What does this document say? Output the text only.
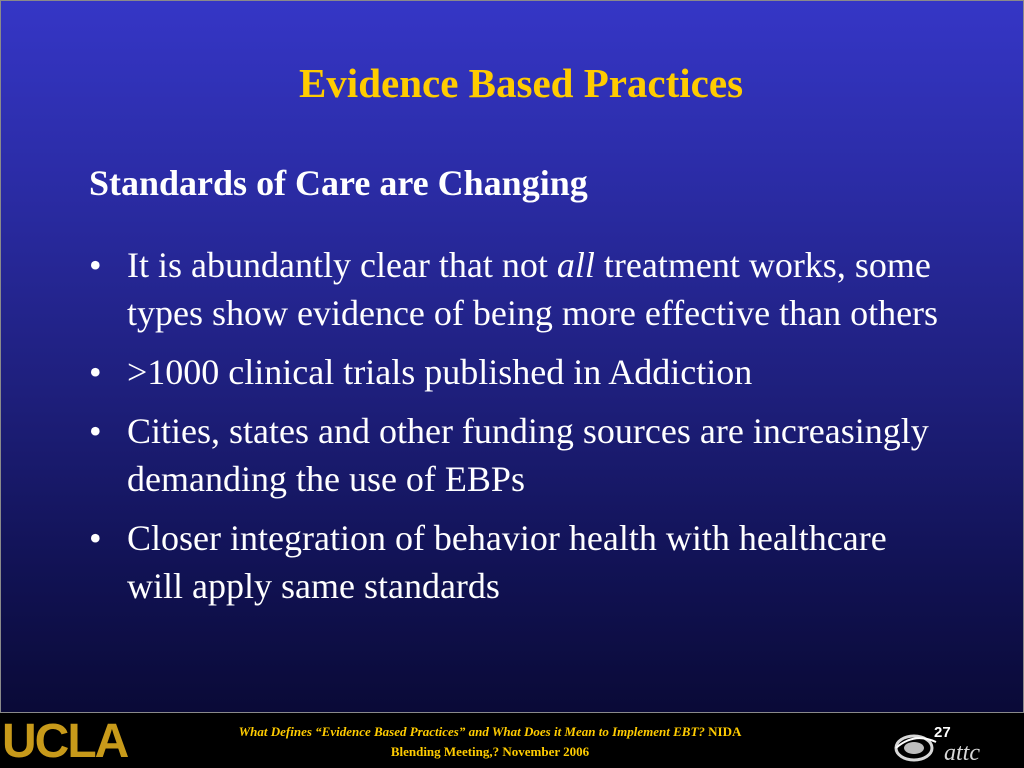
Evidence Based Practices
Standards of Care are Changing
• It is abundantly clear that not all treatment works, some types show evidence of being more effective than others
• >1000 clinical trials published in Addiction
• Cities, states and other funding sources are increasingly demanding the use of EBPs
• Closer integration of behavior health with healthcare will apply same standards
UCLA	What Defines “Evidence Based Practices” and What Does it Mean to Implement EBT? NIDA
Blending Meeting,? November 2006	attc
27
